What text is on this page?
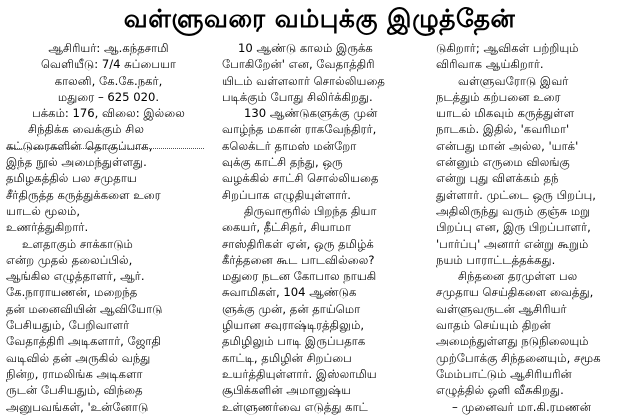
வள்ளுவரை வம்புக்கு இழுத்தேன்
ஆசிரியர்: ஆ.கந்தசாமி
வெளியீடு: 7/4 சுப்பையா
காலனி, கே.கே.நகர்,
மதுரை – 625 020.
பக்கம்: 176, விலை: இல்லை
சிந்திக்க வைக்கும் சில
கட்டுரைகளின் தொகுப்பாக,
இந்த நூல் அமைந்துள்ளது.
தமிழகத்தில் பல சமுதாய
சீர்திருத்த கருத்துக்களை உரை
யாடல் மூலம்,
உணர்த்துகிறார்.
உளதாகும் சாக்காடும்
என்ற முதல் தலைப்பில்,
ஆங்கில எழுத்தாளர், ஆர்.
கே.நாராயணன், மறைந்த
தன் மனைவியின் ஆவியோடு
பேசியதும், பேறிவாளர்
வேதாத்திரி அடிகளார், ஜோதி
வடிவில் தன் அருகில் வந்து
நின்ற, ராமலிங்க அடிகளா
ருடன் பேசியதும், விந்தை
அனுபவங்கள், 'உன்னோடு
10 ஆண்டு காலம் இருக்க
போகிறேன்' என, வேதாத்திரி
யிடம் வள்ளலார் சொல்லியதை
படிக்கும் போது சிலிர்க்கிறது.
130 ஆண்டுகளுக்கு முன்
வாழ்ந்த மகான் ராகவேந்திரர்,
கலெக்டர் தாமஸ் மன்றோ
வுக்கு காட்சி தந்து, ஒரு
வழக்கில் சாட்சி சொல்லியதை
சிறப்பாக எழுதியுள்ளார்.
திருவாரூரில் பிறந்த தியா
கையர், தீட்சிதர், சியாமா
சாஸ்திரிகள் ஏன், ஒரு தமிழ்க்
கீர்த்தனை கூட பாடவில்லை?
மதுரை நடன கோபால நாயகி
சுவாமிகள், 104 ஆண்டுக
ளுக்கு முன், தன் தாய்மொ
ழியான சவுராஷ்டிரத்திலும்,
தமிழிலும் பாடி இருப்பதாக
காட்டி, தமிழின் சிறப்பை
உயர்த்தியுள்ளார். இஸ்லாமிய
சூபிக்களின் அமானுஷ்ய
உள்ளுணர்வை எடுத்து காட்
டுகிறார்; ஆவிகள் பற்றியும்
விரிவாக ஆய்கிறார்.
வள்ளுவரோடு இவர்
நடத்தும் கற்பனை உரை
யாடல் மிகவும் கருத்துள்ள
நாடகம். இதில், 'கவரிமா'
என்பது மான் அல்ல, 'யாக்'
என்னும் எருமை விலங்கு
என்று புது விளக்கம் தந்
துள்ளார். முட்டை ஒரு பிறப்பு,
அதிலிருந்து வரும் குஞ்சு மறு
பிறப்பு என, இரு பிறப்பாளர்,
'பார்ப்பு' அனார் என்று கூறும்
நயம் பாராட்டத்தக்கது.
சிந்தனை தரமுள்ள பல
சமுதாய செய்திகளை வைத்து,
வள்ளுவருடன் ஆசிரியர்
வாதம் செய்யும் திறன்
அமைந்துள்ளது நடுநிலையும்
முற்போக்கு சிந்தனையும், சமூக
மேம்பாட்டும் ஆசிரியரின்
எழுத்தில் ஒளி வீசுகிறது.
– முனைவர் மா.கி.ரமணன்
